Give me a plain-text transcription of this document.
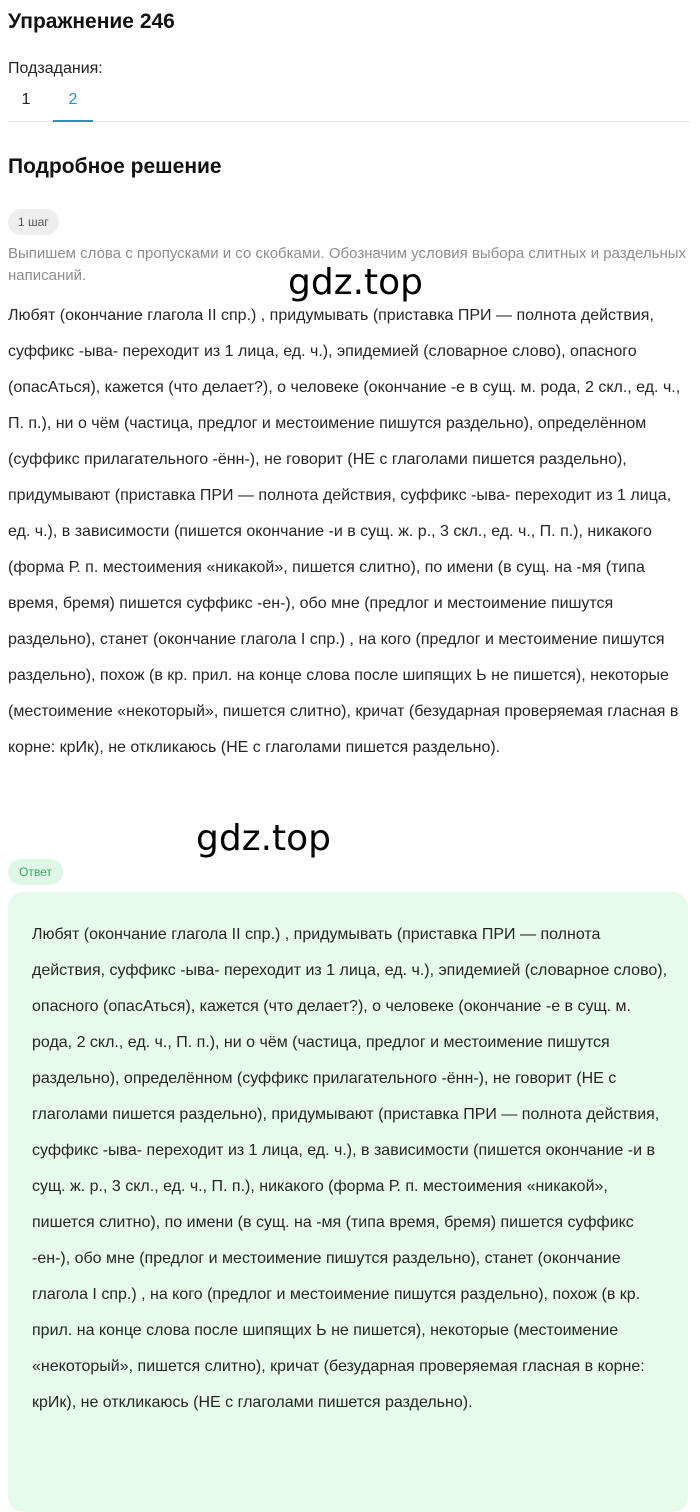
Упражнение 246
Подзадания:
1	2
Подробное решение
1 шаг

Выпишем слова с пропусками и со скобками. Обозначим условия выбора слитных и раздельных написаний.

Любят (окончание глагола II спр.) , придумывать (приставка ПРИ — полнота действия, суффикс -ыва- переходит из 1 лица, ед. ч.), эпидемией (словарное слово), опасного (опасАться), кажется (что делает?), о человеке (окончание -е в сущ. м. рода, 2 скл., ед. ч., П. п.), ни о чём (частица, предлог и местоимение пишутся раздельно), определённом (суффикс прилагательного -ённ-), не говорит (НЕ с глаголами пишется раздельно), придумывают (приставка ПРИ — полнота действия, суффикс -ыва- переходит из 1 лица, ед. ч.), в зависимости (пишется окончание -и в сущ. ж. р., 3 скл., ед. ч., П. п.), никакого (форма Р. п. местоимения «никакой», пишется слитно), по имени (в сущ. на -мя (типа время, бремя) пишется суффикс -ен-), обо мне (предлог и местоимение пишутся раздельно), станет (окончание глагола I спр.) , на кого (предлог и местоимение пишутся раздельно), похож (в кр. прил. на конце слова после шипящих Ь не пишется), некоторые (местоимение «некоторый», пишется слитно), кричат (безударная проверяемая гласная в корне: крИк), не откликаюсь (НЕ с глаголами пишется раздельно).

Ответ

Любят (окончание глагола II спр.) , придумывать (приставка ПРИ — полнота действия, суффикс -ыва- переходит из 1 лица, ед. ч.), эпидемией (словарное слово), опасного (опасАться), кажется (что делает?), о человеке (окончание -е в сущ. м. рода, 2 скл., ед. ч., П. п.), ни о чём (частица, предлог и местоимение пишутся раздельно), определённом (суффикс прилагательного -ённ-), не говорит (НЕ с глаголами пишется раздельно), придумывают (приставка ПРИ — полнота действия, суффикс -ыва- переходит из 1 лица, ед. ч.), в зависимости (пишется окончание -и в сущ. ж. р., 3 скл., ед. ч., П. п.), никакого (форма Р. п. местоимения «никакой», пишется слитно), по имени (в сущ. на -мя (типа время, бремя) пишется суффикс -ен-), обо мне (предлог и местоимение пишутся раздельно), станет (окончание глагола I спр.) , на кого (предлог и местоимение пишутся раздельно), похож (в кр. прил. на конце слова после шипящих Ь не пишется), некоторые (местоимение «некоторый», пишется слитно), кричат (безударная проверяемая гласная в корне: крИк), не откликаюсь (НЕ с глаголами пишется раздельно).

gdz.top
gdz.top
